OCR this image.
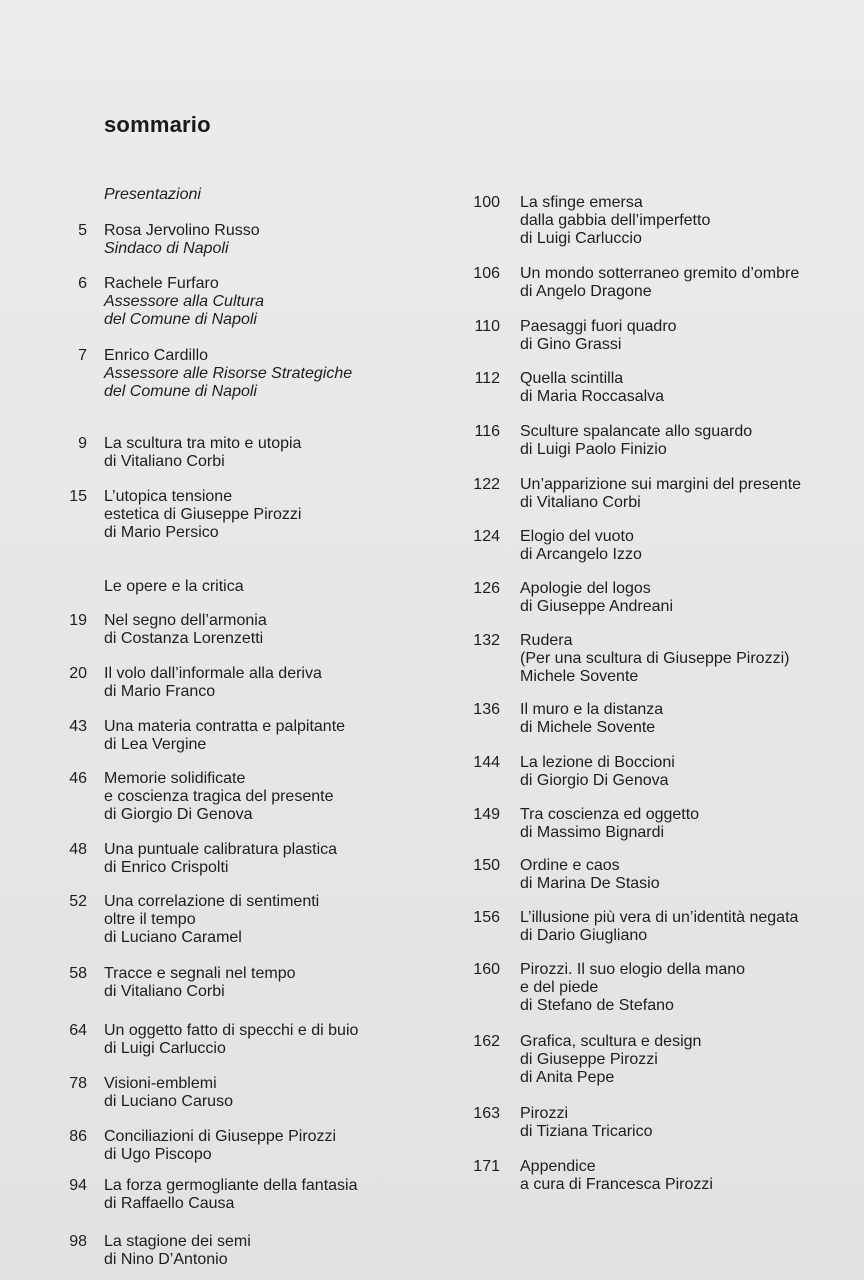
sommario
Presentazioni
Le opere e la critica
5 Rosa Jervolino Russo
Sindaco di Napoli
6 Rachele Furfaro
Assessore alla Cultura
del Comune di Napoli
7 Enrico Cardillo
Assessore alle Risorse Strategiche
del Comune di Napoli
9 La scultura tra mito e utopia
di Vitaliano Corbi
15 L’utopica tensione
estetica di Giuseppe Pirozzi
di Mario Persico
19 Nel segno dell’armonia
di Costanza Lorenzetti
20 Il volo dall’informale alla deriva
di Mario Franco
43 Una materia contratta e palpitante
di Lea Vergine
46 Memorie solidificate
e coscienza tragica del presente
di Giorgio Di Genova
48 Una puntuale calibratura plastica
di Enrico Crispolti
52 Una correlazione di sentimenti
oltre il tempo
di Luciano Caramel
58 Tracce e segnali nel tempo
di Vitaliano Corbi
64 Un oggetto fatto di specchi e di buio
di Luigi Carluccio
78 Visioni-emblemi
di Luciano Caruso
86 Conciliazioni di Giuseppe Pirozzi
di Ugo Piscopo
94 La forza germogliante della fantasia
di Raffaello Causa
98 La stagione dei semi
di Nino D’Antonio
100 La sfinge emersa
dalla gabbia dell’imperfetto
di Luigi Carluccio
106 Un mondo sotterraneo gremito d’ombre
di Angelo Dragone
110 Paesaggi fuori quadro
di Gino Grassi
112 Quella scintilla
di Maria Roccasalva
116 Sculture spalancate allo sguardo
di Luigi Paolo Finizio
122 Un’apparizione sui margini del presente
di Vitaliano Corbi
124 Elogio del vuoto
di Arcangelo Izzo
126 Apologie del logos
di Giuseppe Andreani
132 Rudera
(Per una scultura di Giuseppe Pirozzi)
Michele Sovente
136 Il muro e la distanza
di Michele Sovente
144 La lezione di Boccioni
di Giorgio Di Genova
149 Tra coscienza ed oggetto
di Massimo Bignardi
150 Ordine e caos
di Marina De Stasio
156 L’illusione più vera di un’identità negata
di Dario Giugliano
160 Pirozzi. Il suo elogio della mano
e del piede
di Stefano de Stefano
162 Grafica, scultura e design
di Giuseppe Pirozzi
di Anita Pepe
163 Pirozzi
di Tiziana Tricarico
171 Appendice
a cura di Francesca Pirozzi
